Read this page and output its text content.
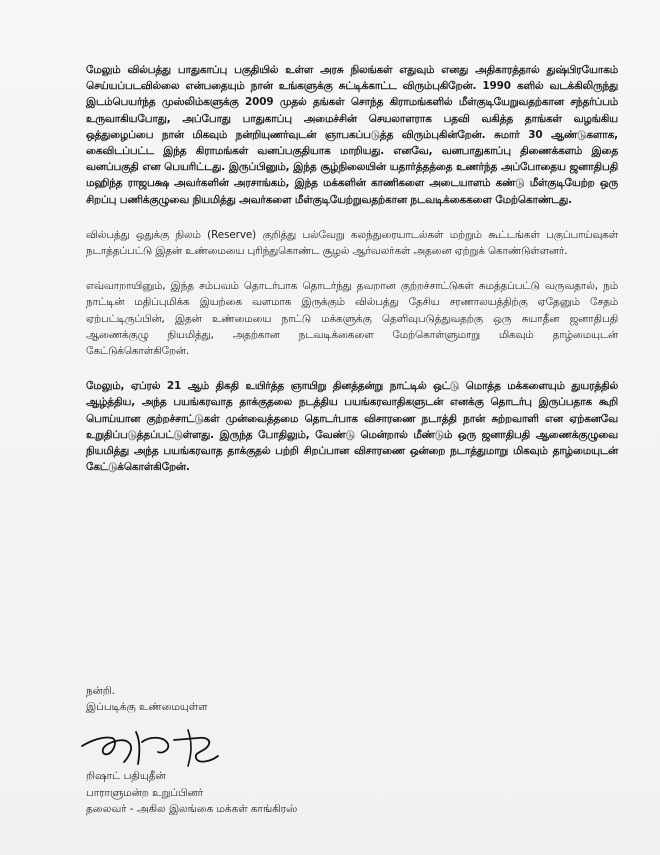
மேலும் வில்பத்து பாதுகாப்பு பகுதியில் உள்ள அரசு நிலங்கள் எதுவும் எனது அதிகாரத்தால் துஷ்பிரயோகம் செய்யப்படவில்லை என்பதையும் நான் உங்களுக்கு சுட்டிக்காட்ட விரும்புகிறேன். 1990 களில் வடக்கிலிருந்து இடம்பெயர்ந்த முஸ்லிம்களுக்கு 2009 முதல் தங்கள் சொந்த கிராமங்களில் மீள்குடியேறுவதற்கான சந்தர்ப்பம் உருவாகியபோது, அப்போது பாதுகாப்பு அமைச்சின் செயலாளராக பதவி வகித்த தாங்கள் வழங்கிய ஒத்துழைப்பை நான் மிகவும் நன்றியுணர்வுடன் ஞாபகப்படுத்த விரும்புகின்றேன். சுமார் 30 ஆண்டுகளாக, கைவிடப்பட்ட இந்த கிராமங்கள் வனப்பகுதியாக மாறியது. எனவே, வனபாதுகாப்பு திணைக்களம் இதை வனப்பகுதி என பெயரிட்டது. இருப்பினும், இந்த சூழ்நிலையின் யதார்த்தத்தை உணர்ந்த அப்போதைய ஜனாதிபதி மஹிந்த ராஜபக்ஷ அவர்களின் அரசாங்கம், இந்த மக்களின் காணிகளை அடையாளம் கண்டு மீள்குடியேற்ற ஒரு சிறப்பு பணிக்குழுவை நியமித்து அவர்களை மீள்குடியேற்றுவதற்கான நடவடிக்கைகளை மேற்கொண்டது.

வில்பத்து ஒதுக்கு நிலம் (Reserve) குறித்து பல்வேறு கலந்துரையாடல்கள் மற்றும் கூட்டங்கள் பகுப்பாய்வுகள் நடாத்தப்பட்டு இதன் உண்மையை புரிந்துகொண்ட சூழல் ஆர்வலர்கள் அதனை ஏற்றுக் கொண்டுள்ளனர்.

எவ்வாறாயினும், இந்த சம்பவம் தொடர்பாக தொடர்ந்து தவறான குற்றச்சாட்டுகள் சுமத்தப்பட்டு வருவதால், நம் நாட்டின் மதிப்புமிக்க இயற்கை வளமாக இருக்கும் வில்பத்து தேசிய சரணாலயத்திற்கு ஏதேனும் சேதம் ஏற்பட்டிருப்பின், இதன் உண்மையை நாட்டு மக்களுக்கு தெளிவுபடுத்துவதற்கு ஒரு சுயாதீன ஜனாதிபதி ஆணைக்குழு நியமித்து, அதற்கான நடவடிக்கைளை மேற்கொள்ளுமாறு மிகவும் தாழ்மையுடன் கேட்டுக்கொள்கிறேன்.

மேலும், ஏப்ரல் 21 ஆம் திகதி உயிர்த்த ஞாயிறு தினத்தன்று நாட்டில் ஒட்டு மொத்த மக்களையும் துயரத்தில் ஆழ்த்திய, அந்த பயங்கரவாத தாக்குதலை நடத்திய பயங்கரவாதிகளுடன் எனக்கு தொடர்பு இருப்பதாக கூறி பொய்யான குற்றச்சாட்டுகள் முன்வைத்தமை தொடர்பாக விசாரணை நடாத்தி நான் சுற்றவாளி என ஏற்கனவே உறுதிப்படுத்தப்பட்டுள்ளது. இருந்த போதிலும், வேண்டு மென்றால் மீண்டும் ஒரு ஜனாதிபதி ஆணைக்குழுவை நியமித்து அந்த பயங்கரவாத தாக்குதல் பற்றி சிறப்பான விசாரணை ஒன்றை நடாத்துமாறு மிகவும் தாழ்மையுடன் கேட்டுக்கொள்கிறேன்.

நன்றி.
இப்படிக்கு உண்மையுள்ள
றிஷாட் பதியுதீன்
பாராளுமன்ற உறுப்பினர்
தலைவர் - அகில இலங்கை மக்கள் காங்கிரஸ்
